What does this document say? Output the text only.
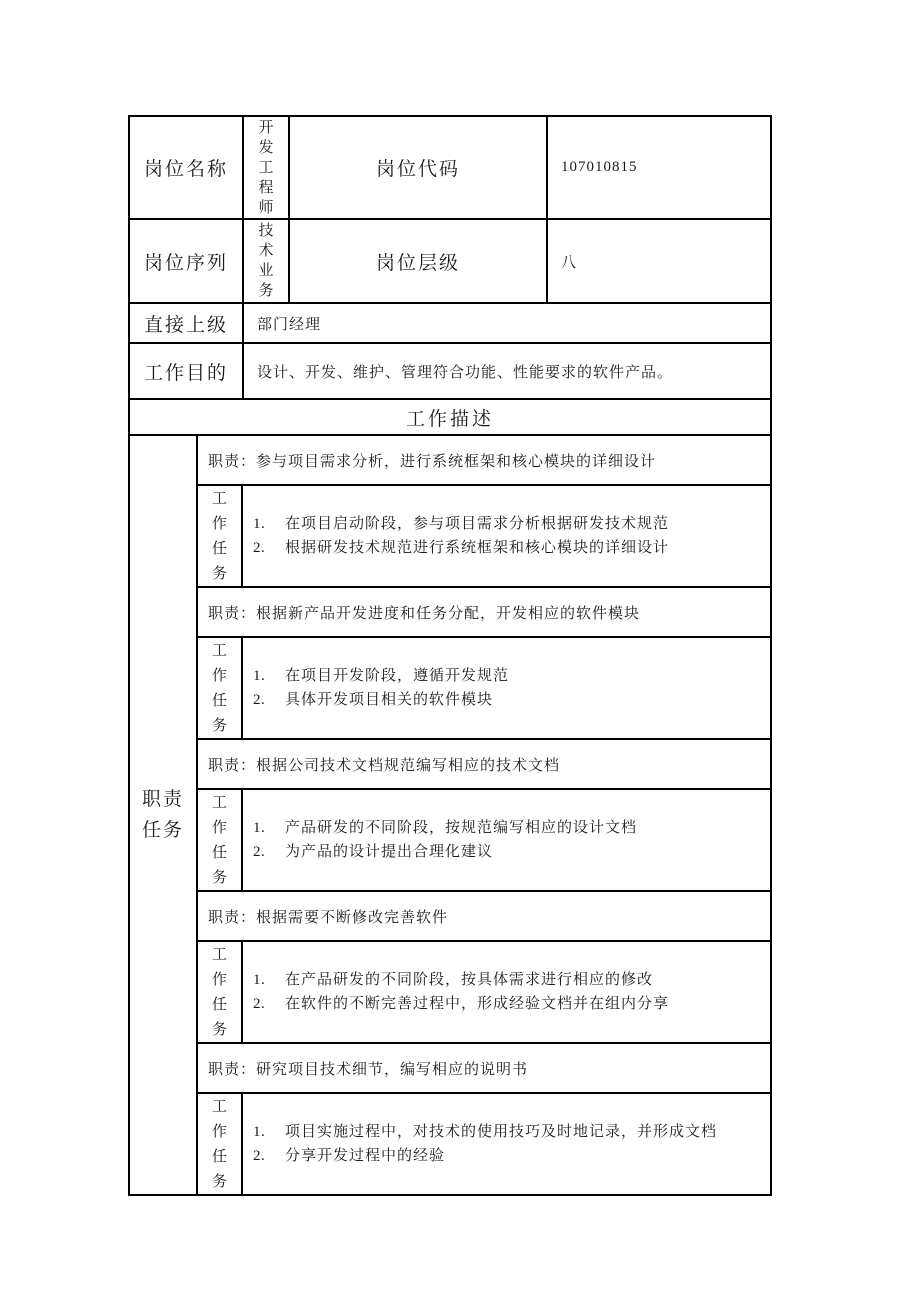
岗位名称	开发工程师	岗位代码	107010815
岗位序列	技术业务	岗位层级	八
直接上级	部门经理		
工作目的	设计、开发、维护、管理符合功能、性能要求的软件产品。		
工作描述			
职责任务	职责：参与项目需求分析，进行系统框架和核心模块的详细设计	
	工作任务	1. 在项目启动阶段，参与项目需求分析根据研发技术规范
2. 根据研发技术规范进行系统框架和核心模块的详细设计

	职责：根据新产品开发进度和任务分配，开发相应的软件模块	
	工作任务	1. 在项目开发阶段，遵循开发规范
2. 具体开发项目相关的软件模块

	职责：根据公司技术文档规范编写相应的技术文档	
	工作任务	1. 产品研发的不同阶段，按规范编写相应的设计文档
2. 为产品的设计提出合理化建议

	职责：根据需要不断修改完善软件	
	工作任务	1. 在产品研发的不同阶段，按具体需求进行相应的修改
2. 在软件的不断完善过程中，形成经验文档并在组内分享

	职责：研究项目技术细节，编写相应的说明书	
	工作任务	1. 项目实施过程中，对技术的使用技巧及时地记录，并形成文档
2. 分享开发过程中的经验
